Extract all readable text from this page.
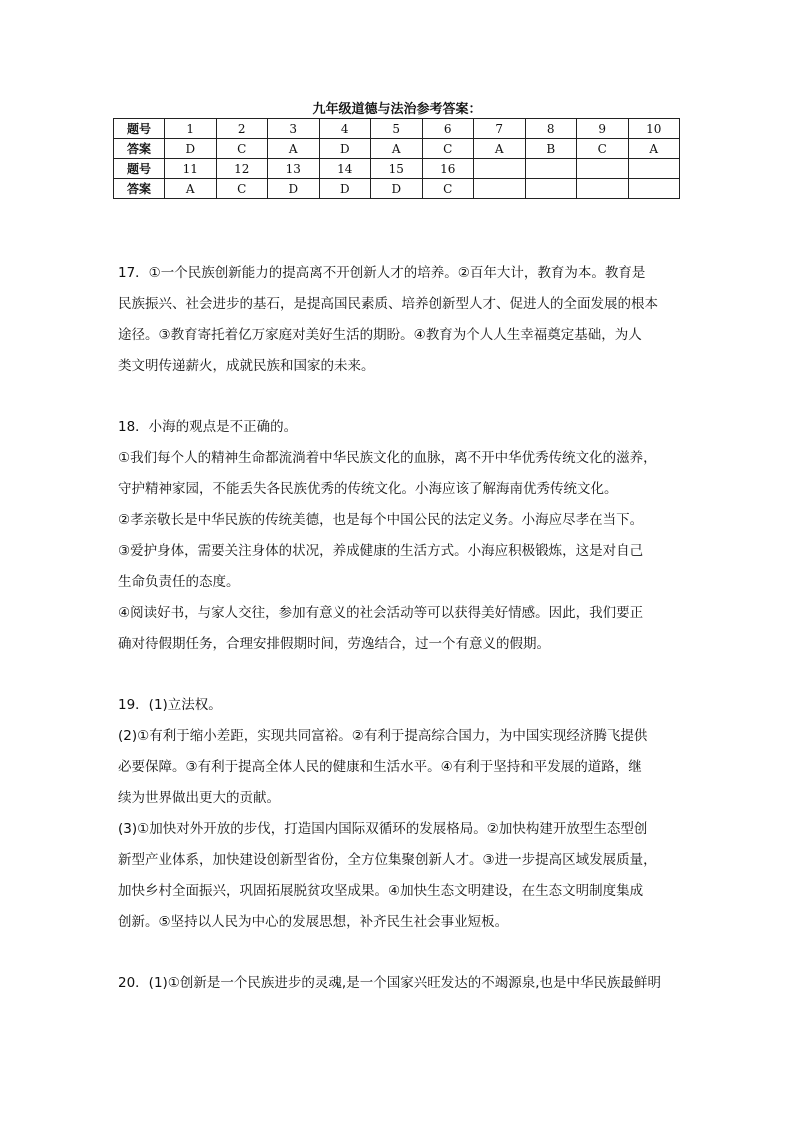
九年级道德与法治参考答案：
题号	1	2	3	4	5	6	7	8	9	10
答案	D	C	A	D	A	C	A	B	C	A
题号	11	12	13	14	15	16				
答案	A	C	D	D	D	C				

17．①一个民族创新能力的提高离不开创新人才的培养。②百年大计，教育为本。教育是

民族振兴、社会进步的基石，是提高国民素质、培养创新型人才、促进人的全面发展的根本

途径。③教育寄托着亿万家庭对美好生活的期盼。④教育为个人人生幸福奠定基础，为人

类文明传递薪火，成就民族和国家的未来。

18．小海的观点是不正确的。

①我们每个人的精神生命都流淌着中华民族文化的血脉，离不开中华优秀传统文化的滋养，

守护精神家园，不能丢失各民族优秀的传统文化。小海应该了解海南优秀传统文化。

②孝亲敬长是中华民族的传统美德，也是每个中国公民的法定义务。小海应尽孝在当下。

③爱护身体，需要关注身体的状况，养成健康的生活方式。小海应积极锻炼，这是对自己

生命负责任的态度。

④阅读好书，与家人交往，参加有意义的社会活动等可以获得美好情感。因此，我们要正

确对待假期任务，合理安排假期时间，劳逸结合，过一个有意义的假期。

19．(1)立法权。

(2)①有利于缩小差距，实现共同富裕。②有利于提高综合国力，为中国实现经济腾飞提供

必要保障。③有利于提高全体人民的健康和生活水平。④有利于坚持和平发展的道路，继

续为世界做出更大的贡献。

(3)①加快对外开放的步伐，打造国内国际双循环的发展格局。②加快构建开放型生态型创

新型产业体系，加快建设创新型省份，全方位集聚创新人才。③进一步提高区域发展质量，

加快乡村全面振兴，巩固拓展脱贫攻坚成果。④加快生态文明建设，在生态文明制度集成

创新。⑤坚持以人民为中心的发展思想，补齐民生社会事业短板。

20．(1)①创新是一个民族进步的灵魂,是一个国家兴旺发达的不竭源泉,也是中华民族最鲜明
